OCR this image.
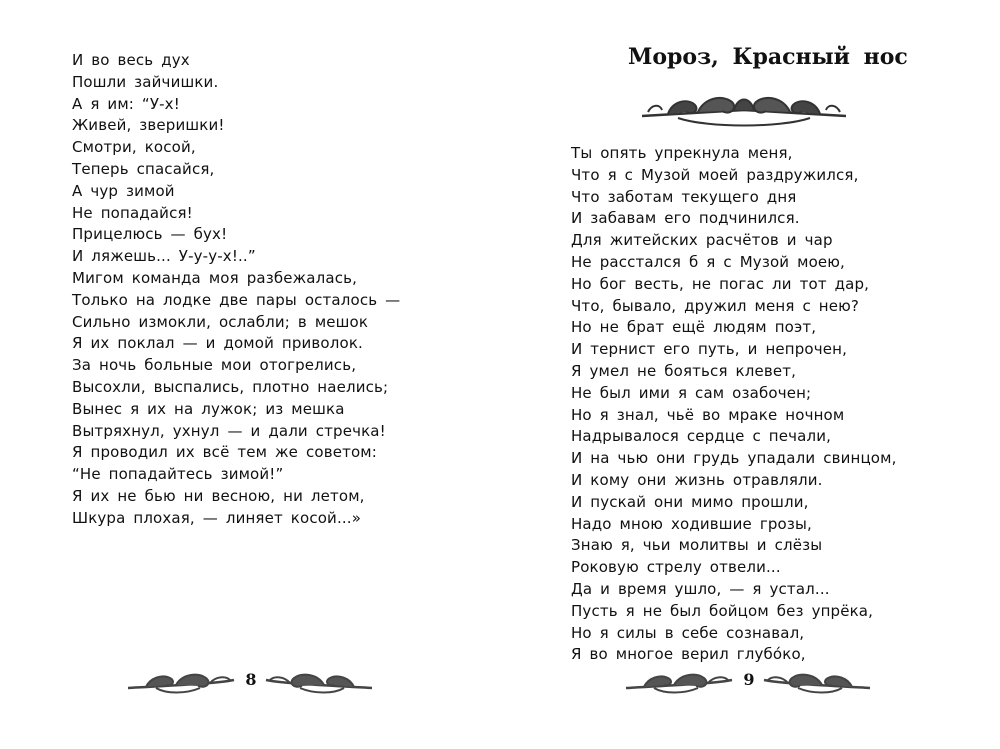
И во весь дух
Пошли зайчишки.
А я им: “У-х!
Живей, зверишки!
Смотри, косой,
Теперь спасайся,
А чур зимой
Не попадайся!
Прицелюсь — бух!
И ляжешь... У-у-у-х!..”
Мигом команда моя разбежалась,
Только на лодке две пары осталось —
Сильно измокли, ослабли; в мешок
Я их поклал — и домой приволок.
За ночь больные мои отогрелись,
Высохли, выспались, плотно наелись;
Вынес я их на лужок; из мешка
Вытряхнул, ухнул — и дали стречка!
Я проводил их всё тем же советом:
“Не попадайтесь зимой!”
Я их не бью ни весною, ни летом,
Шкура плохая, — линяет косой...»
8
Мороз, Красный нос
Ты опять упрекнула меня,
Что я с Музой моей раздружился,
Что заботам текущего дня
И забавам его подчинился.
Для житейских расчётов и чар
Не расстался б я с Музой моею,
Но бог весть, не погас ли тот дар,
Что, бывало, дружил меня с нею?
Но не брат ещё людям поэт,
И тернист его путь, и непрочен,
Я умел не бояться клевет,
Не был ими я сам озабочен;
Но я знал, чьё во мраке ночном
Надрывалося сердце с печали,
И на чью они грудь упадали свинцом,
И кому они жизнь отравляли.
И пускай они мимо прошли,
Надо мною ходившие грозы,
Знаю я, чьи молитвы и слёзы
Роковую стрелу отвели...
Да и время ушло, — я устал...
Пусть я не был бойцом без упрёка,
Но я силы в себе сознавал,
Я во многое верил глубо́ко,
9
